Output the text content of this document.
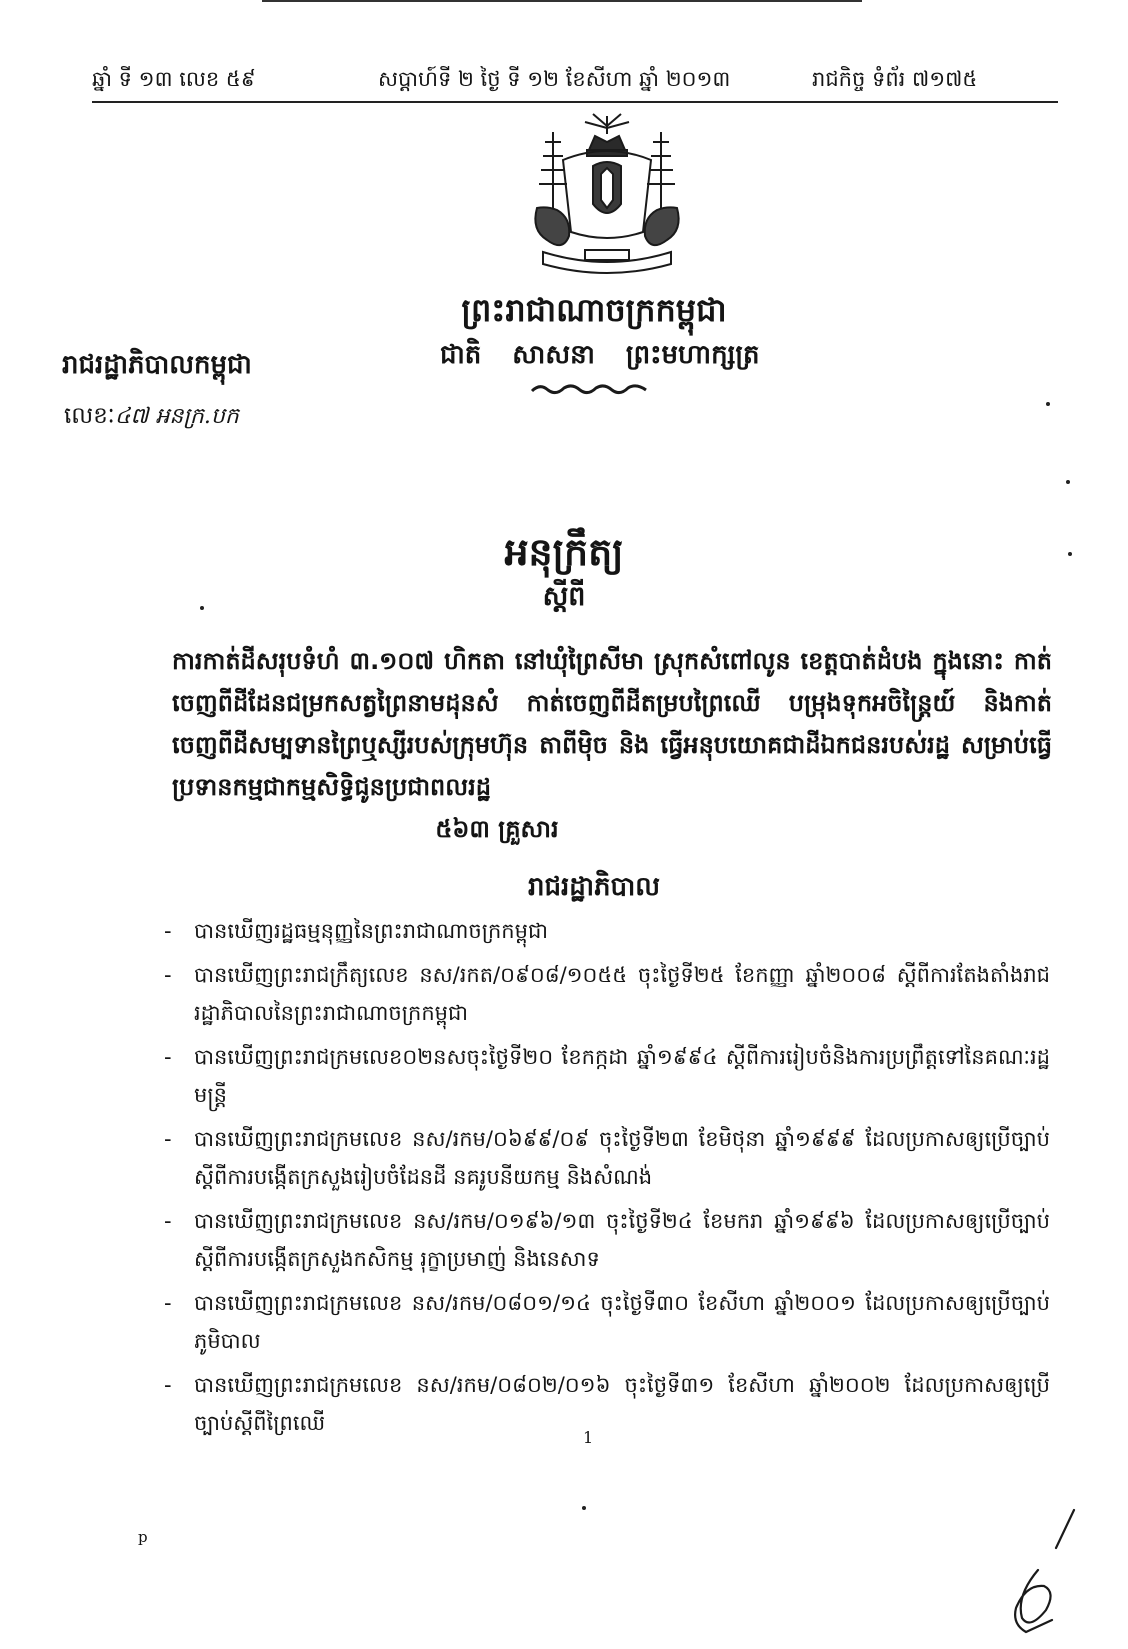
ឆ្នាំ ទី ១៣ លេខ ៥៩	សប្តាហ៍ទី ២ ថ្ងៃ ទី ១២ ខែសីហា ឆ្នាំ ២០១៣	រាជកិច្ច ទំព័រ ៧១៧៥
ព្រះរាជាណាចក្រកម្ពុជា
ជាតិ សាសនា ព្រះមហាក្សត្រ
រាជរដ្ឋាភិបាលកម្ពុជា
លេខៈ៤៧ អនក្រ.បក
អនុក្រឹត្យ
ស្តីពី
ការកាត់ដីសរុបទំហំ ៣.១០៧ ហិកតា នៅឃុំព្រៃសីមា ស្រុកសំពៅលូន ខេត្តបាត់ដំបង ក្នុងនោះ កាត់ចេញពីដីដែនជម្រកសត្វព្រៃនាមដុនសំ កាត់ចេញពីដីតម្របព្រៃឈើ បម្រុងទុកអចិន្ត្រៃយ៍ និងកាត់ចេញពីដីសម្បទានព្រៃឬស្សីរបស់ក្រុមហ៊ុន តាពីម៉ិច និង ធ្វើអនុបយោគជាដីឯកជនរបស់រដ្ឋ សម្រាប់ធ្វើប្រទានកម្មជាកម្មសិទ្ធិជូនប្រជាពលរដ្ឋ
៥៦៣ គ្រួសារ
រាជរដ្ឋាភិបាល
- បានឃើញរដ្ឋធម្មនុញ្ញនៃព្រះរាជាណាចក្រកម្ពុជា
- បានឃើញព្រះរាជក្រឹត្យលេខ នស/រកត/០៩០៨/១០៥៥ ចុះថ្ងៃទី២៥ ខែកញ្ញា ឆ្នាំ២០០៨ ស្តីពីការតែងតាំងរាជរដ្ឋាភិបាលនៃព្រះរាជាណាចក្រកម្ពុជា
- បានឃើញព្រះរាជក្រមលេខ០២នសចុះថ្ងៃទី២០ ខែកក្កដា ឆ្នាំ១៩៩៤ ស្តីពីការរៀបចំនិងការប្រព្រឹត្តទៅនៃគណៈរដ្ឋមន្ត្រី
- បានឃើញព្រះរាជក្រមលេខ នស/រកម/០៦៩៩/០៩ ចុះថ្ងៃទី២៣ ខែមិថុនា ឆ្នាំ១៩៩៩ ដែលប្រកាសឲ្យប្រើច្បាប់ស្តីពីការបង្កើតក្រសួងរៀបចំដែនដី នគរូបនីយកម្ម និងសំណង់
- បានឃើញព្រះរាជក្រមលេខ នស/រកម/០១៩៦/១៣ ចុះថ្ងៃទី២៤ ខែមករា ឆ្នាំ១៩៩៦ ដែលប្រកាសឲ្យប្រើច្បាប់ ស្តីពីការបង្កើតក្រសួងកសិកម្ម រុក្ខាប្រមាញ់ និងនេសាទ
- បានឃើញព្រះរាជក្រមលេខ នស/រកម/០៨០១/១៤ ចុះថ្ងៃទី៣០ ខែសីហា ឆ្នាំ២០០១ ដែលប្រកាសឲ្យប្រើច្បាប់ភូមិបាល
- បានឃើញព្រះរាជក្រមលេខ នស/រកម/០៨០២/០១៦ ចុះថ្ងៃទី៣១ ខែសីហា ឆ្នាំ២០០២ ដែលប្រកាសឲ្យប្រើច្បាប់ស្តីពីព្រៃឈើ
1
p
